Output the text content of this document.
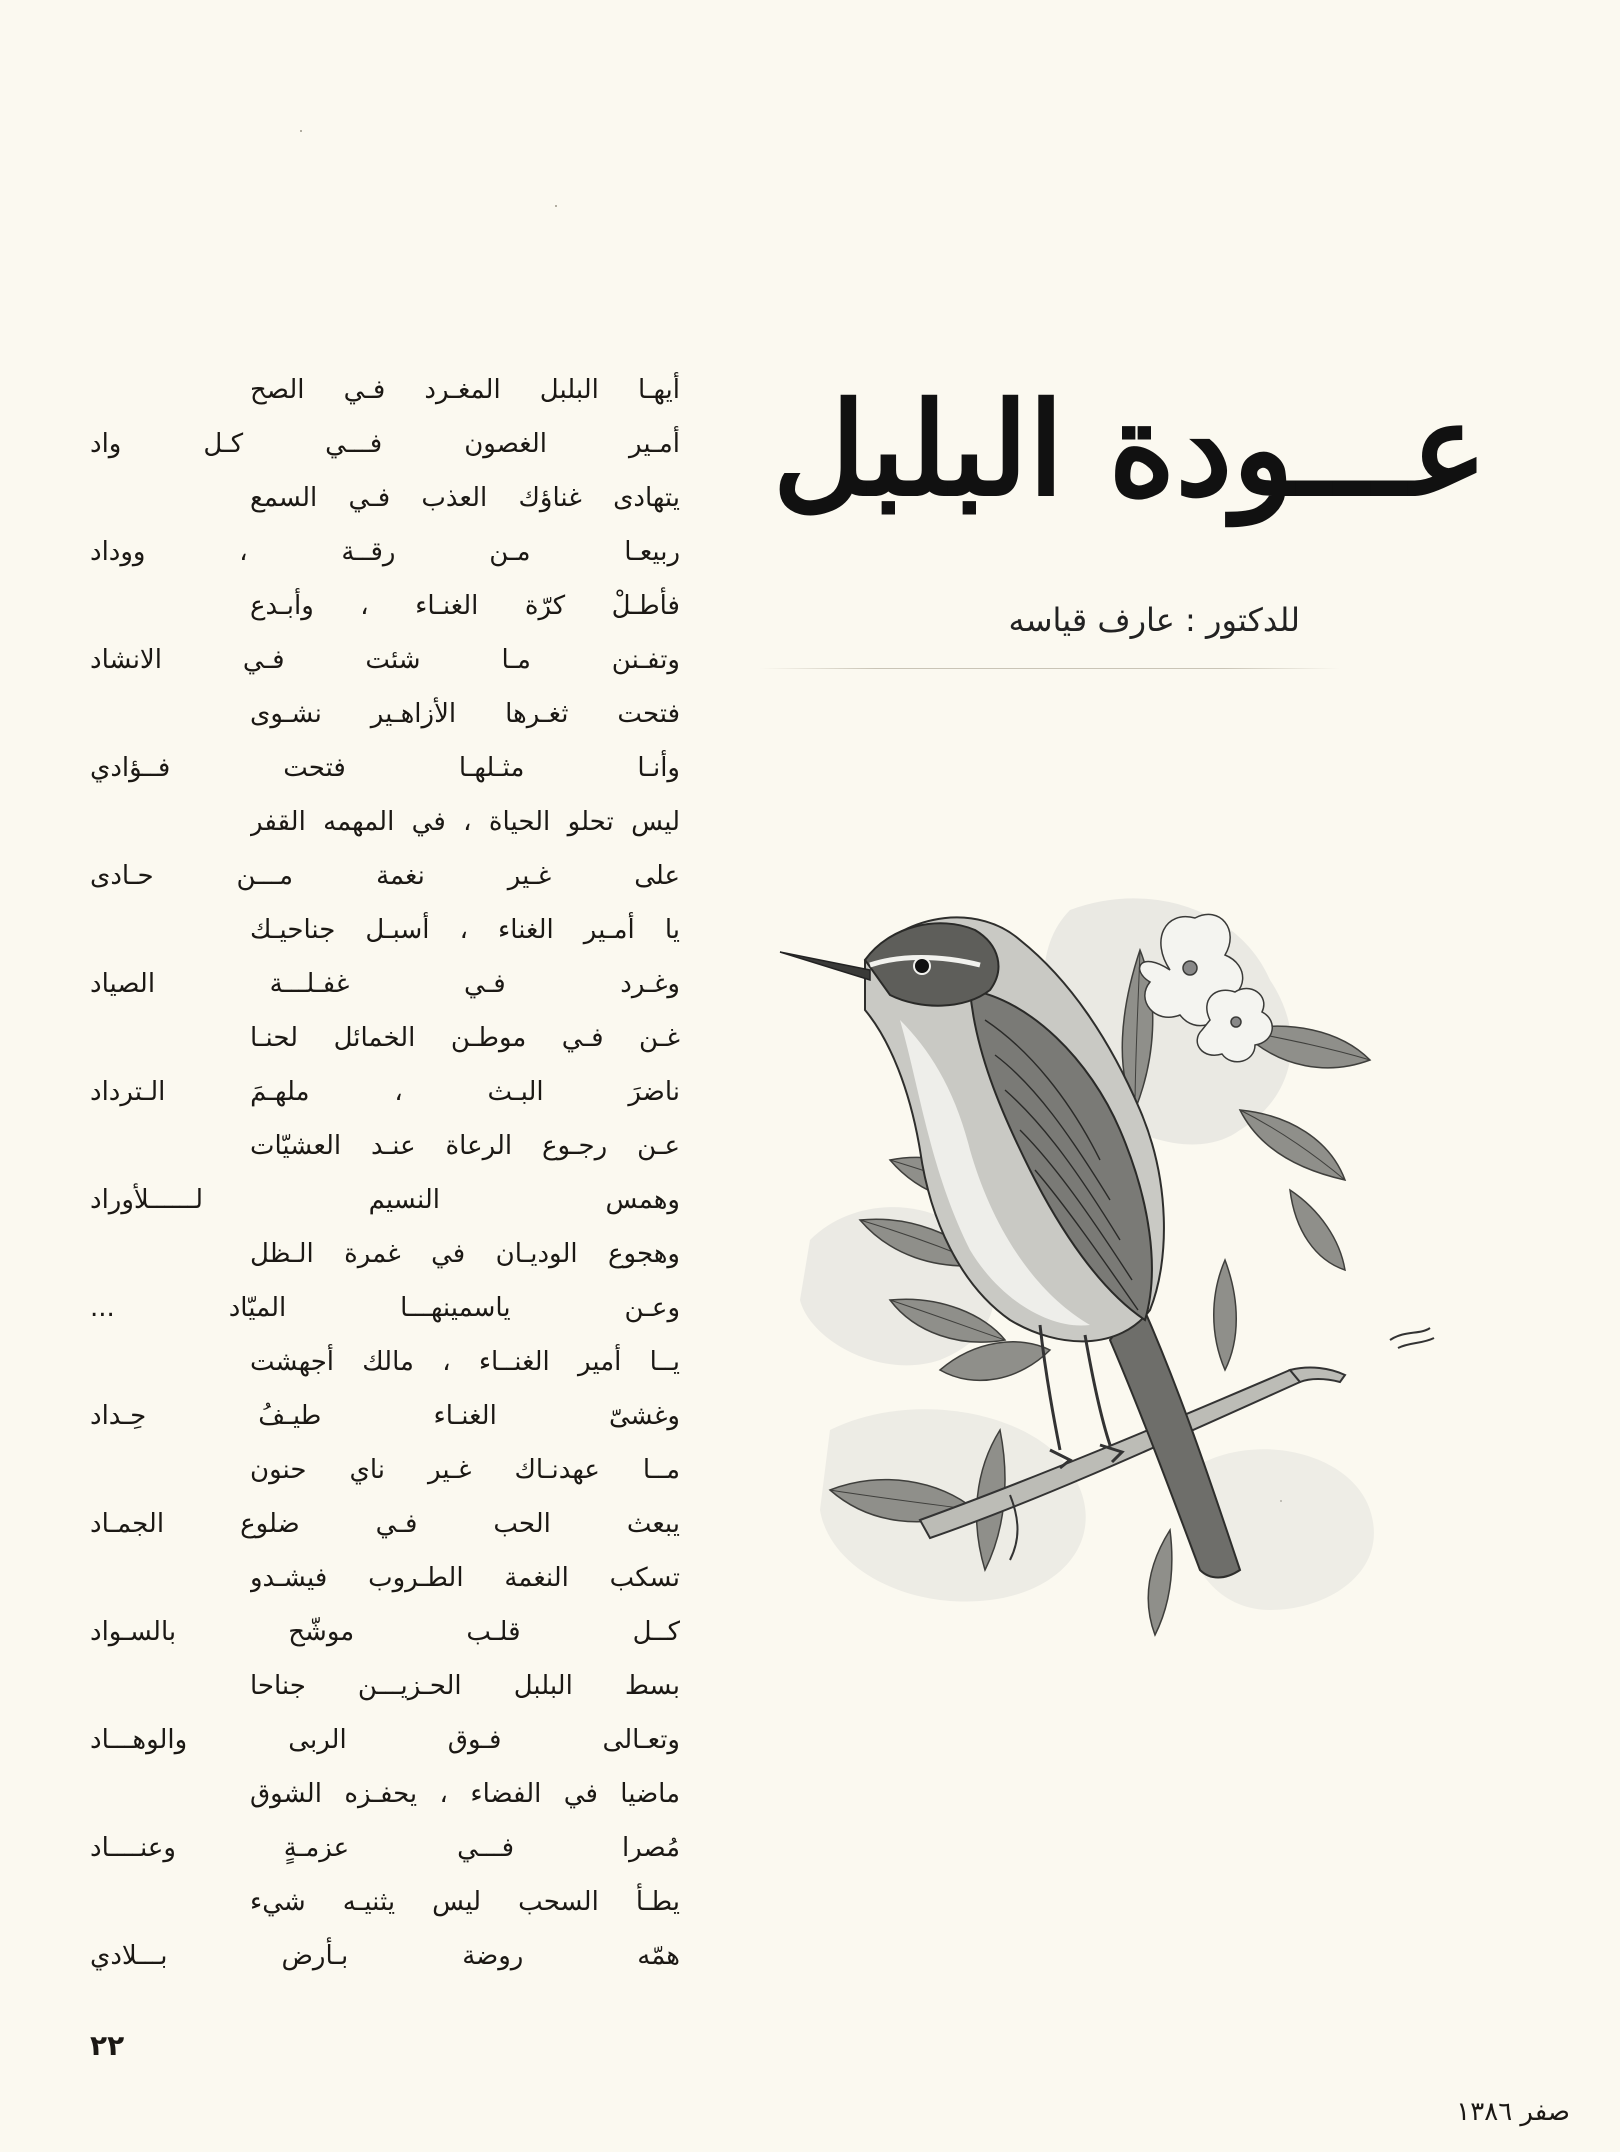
عـــودة البلبل
للدكتور : عارف قياسه
أيهـا البلبل المغـرد فـي الصح
أمـير الغصون فـــي كـل واد
يتهادى غناؤك العذب فـي السمع
ربيعـا مـن رقــة ، ووداد
فأطـلْ كرّة الغنـاء ، وأبـدع
وتفـنن مـا شئت فـي الانشاد
فتحت ثغـرها الأزاهـير نشـوى
وأنـا مثـلهـا فتحت فــؤادي
ليس تحلو الحياة ، في المهمه القفر
على غـير نغمة مـــن حـادى
يا أمـير الغناء ، أسبـل جناحيـك
وغـرد فـي غفـلـــة الصياد
غـن فـي موطـن الخمائل لحنـا
ناضرَ البـث ، ملهـمَ الـترداد
عـن رجـوع الرعاة عنـد العشيّات
وهمس النسيم لــــــلأوراد
وهجوع الوديـان في غمرة الـظل
وعـن ياسمينهـــا الميّاد ...
يــا أمير الغنــاء ، مالك أجهشت
وغشىّ الغنـاء طيـفُ حِـداد
مــا عهدنـاك غـير ناي حنون
يبعث الحب فـي ضلوع الجمـاد
تسكب النغمة الطـروب فيشـدو
كــل قلـب موشّح بالسـواد
بسط البلبل الحـزيـــن جناحا
وتعـالى فـوق الربى والوهـــاد
ماضيا في الفضاء ، يحفـزه الشوق
مُصرا فـــي عزمـةٍ وعنــــاد
يطـأ السحب ليس يثنيـه شيء
همّه روضة بـأرض بـــلادي
٢٢
صفر ١٣٨٦
